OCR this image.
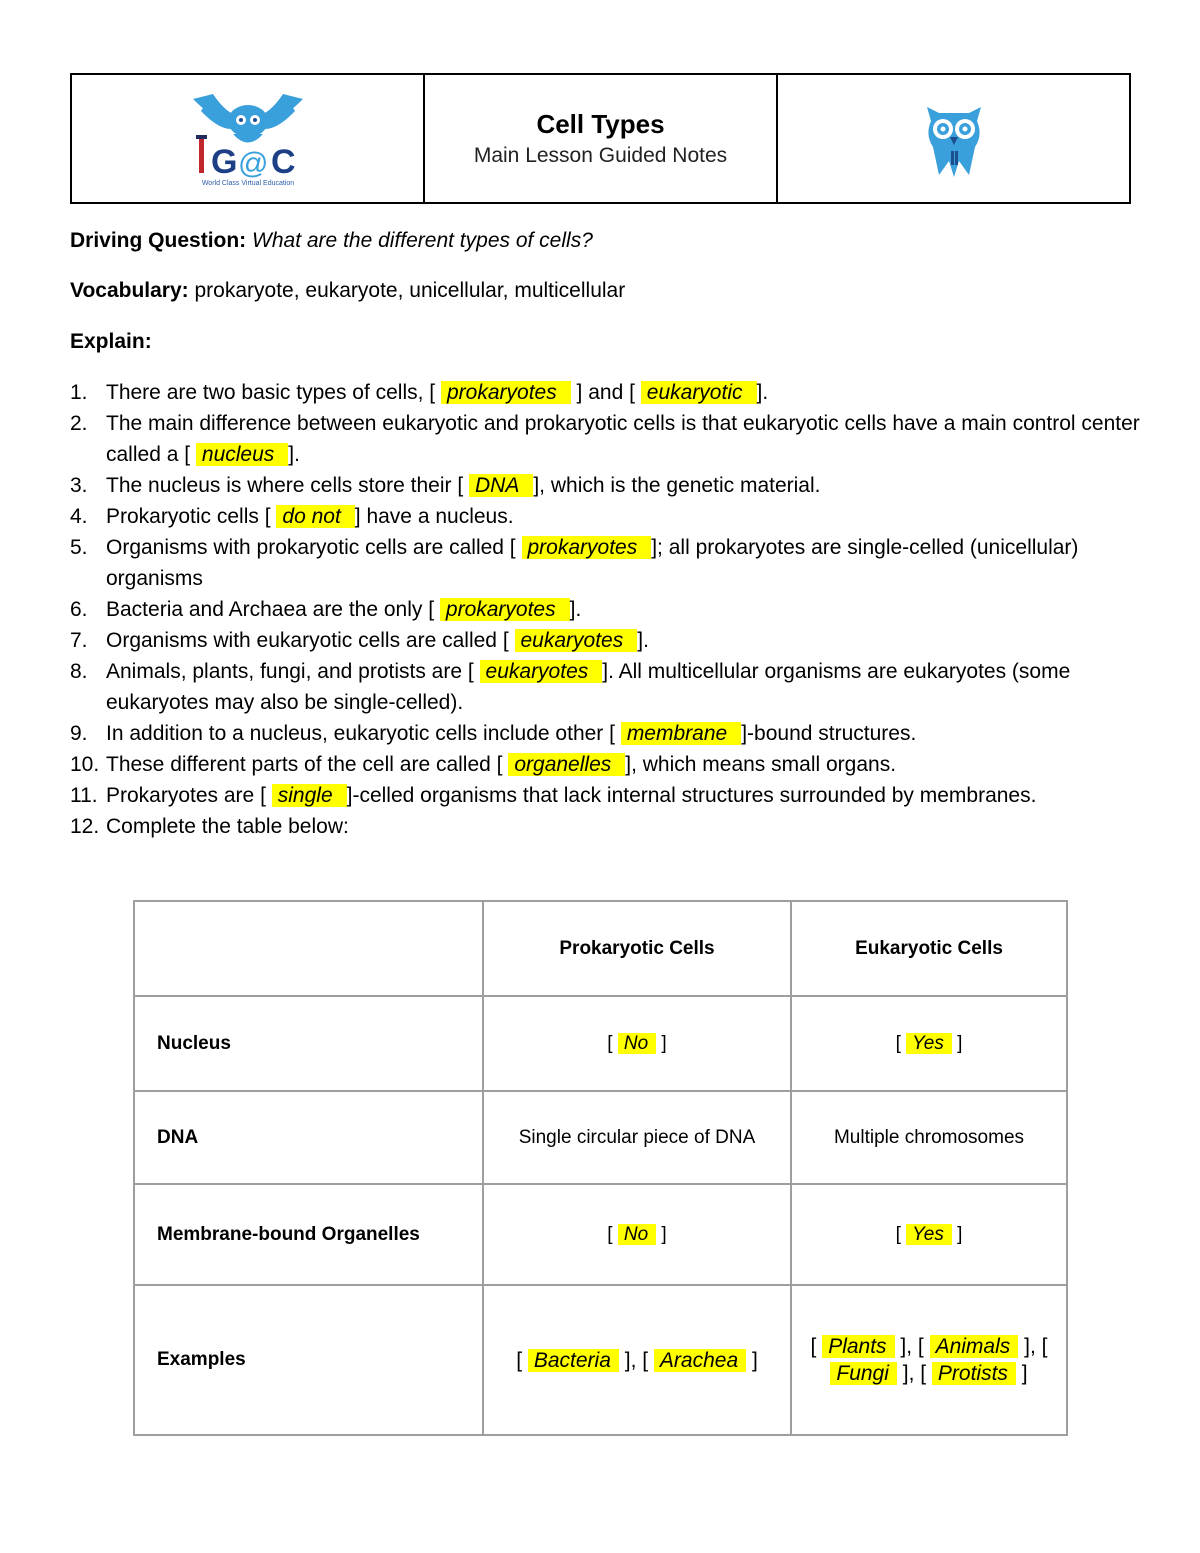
G C
@
World Class Virtual Education
Cell Types
Main Lesson Guided Notes
Driving Question: What are the different types of cells?
Vocabulary: prokaryote, eukaryote, unicellular, multicellular
Explain:
1. There are two basic types of cells, [ prokaryotes ] and [ eukaryotic ].
2. The main difference between eukaryotic and prokaryotic cells is that eukaryotic cells have a main control center called a [ nucleus ].
3. The nucleus is where cells store their [ DNA ], which is the genetic material.
4. Prokaryotic cells [ do not ] have a nucleus.
5. Organisms with prokaryotic cells are called [ prokaryotes ]; all prokaryotes are single-celled (unicellular) organisms
6. Bacteria and Archaea are the only [ prokaryotes ].
7. Organisms with eukaryotic cells are called [ eukaryotes ].
8. Animals, plants, fungi, and protists are [ eukaryotes ]. All multicellular organisms are eukaryotes (some eukaryotes may also be single-celled).
9. In addition to a nucleus, eukaryotic cells include other [ membrane ]-bound structures.
10. These different parts of the cell are called [ organelles ], which means small organs.
11. Prokaryotes are [ single ]-celled organisms that lack internal structures surrounded by membranes.
12. Complete the table below:
	Prokaryotic Cells	Eukaryotic Cells
Nucleus	[ No ]	[ Yes ]
DNA	Single circular piece of DNA	Multiple chromosomes
Membrane-bound Organelles	[ No ]	[ Yes ]
Examples	[ Bacteria ], [ Arachea ]	[ Plants ], [ Animals ], [ Fungi ], [ Protists ]
